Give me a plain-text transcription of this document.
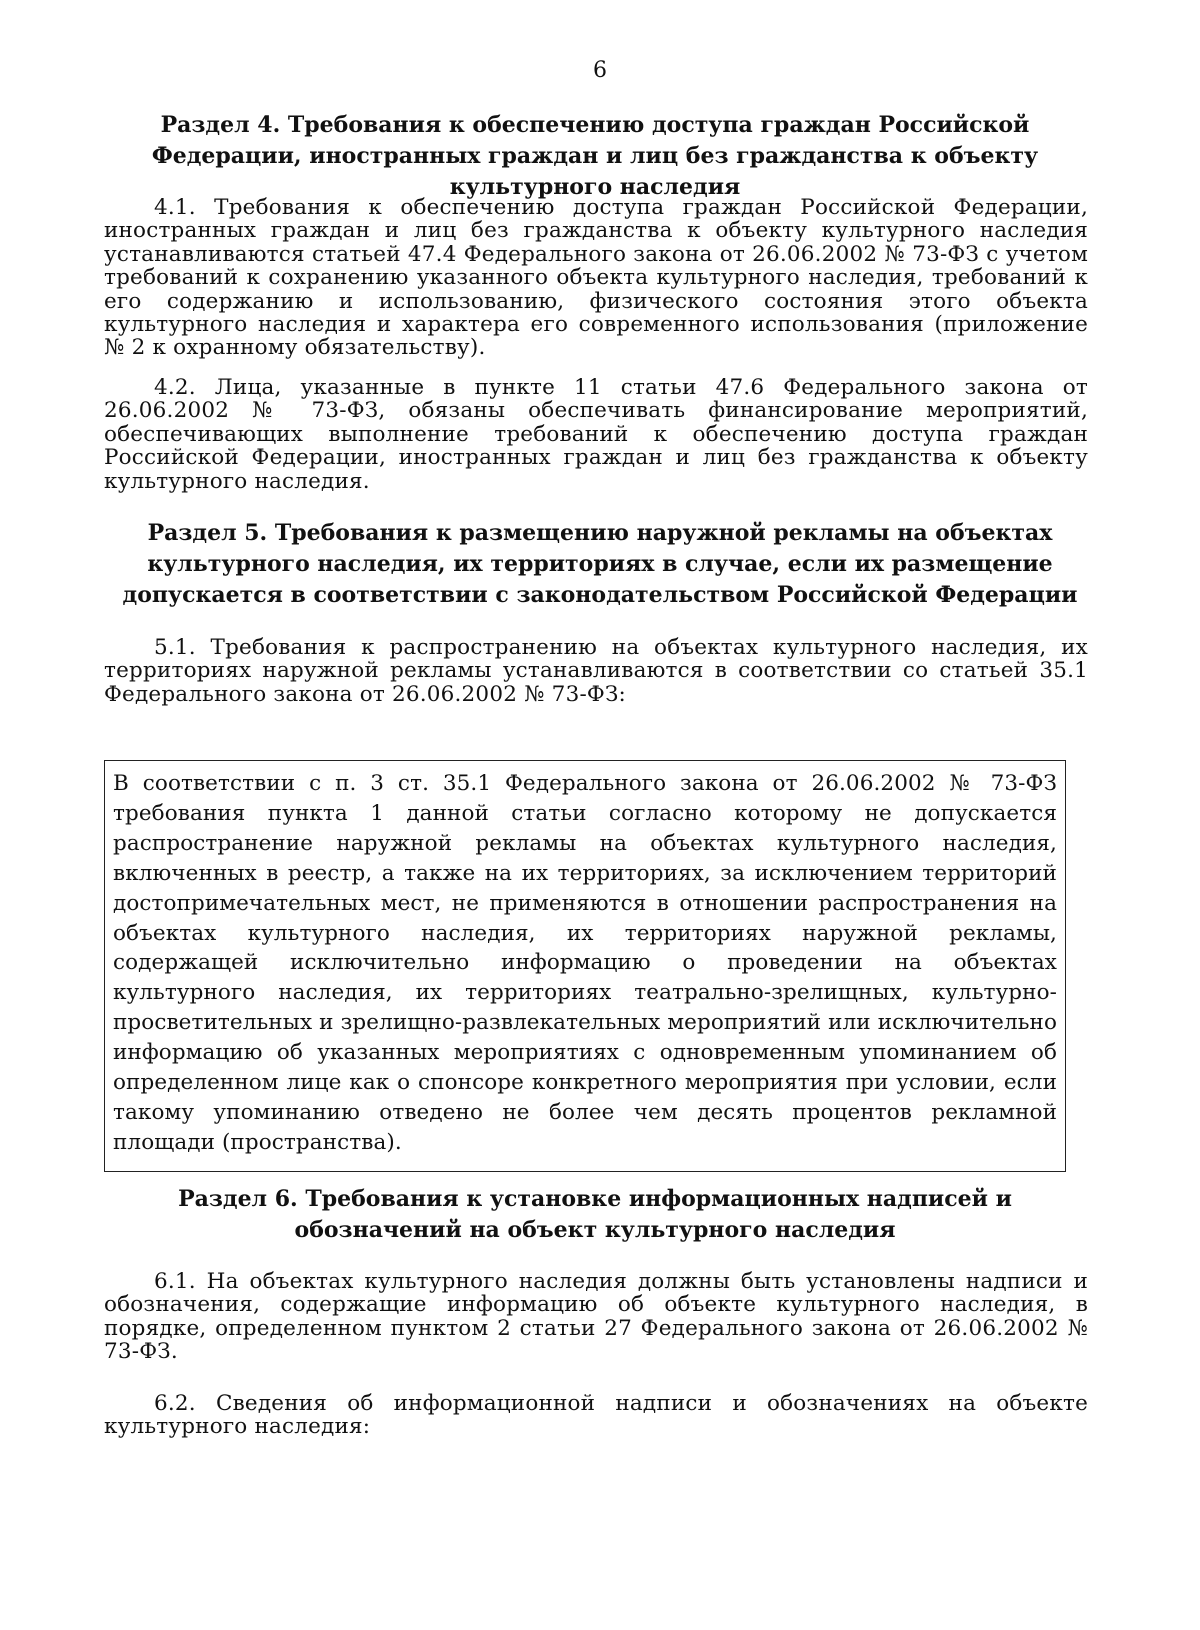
6
Раздел 4. Требования к обеспечению доступа граждан Российской Федерации, иностранных граждан и лиц без гражданства к объекту культурного наследия

4.1. Требования к обеспечению доступа граждан Российской Федерации, иностранных граждан и лиц без гражданства к объекту культурного наследия устанавливаются статьей 47.4 Федерального закона от 26.06.2002 № 73-ФЗ с учетом требований к сохранению указанного объекта культурного наследия, требований к его содержанию и использованию, физического состояния этого объекта культурного наследия и характера его современного использования (приложение № 2 к охранному обязательству).

4.2. Лица, указанные в пункте 11 статьи 47.6 Федерального закона от 26.06.2002 № 73-ФЗ, обязаны обеспечивать финансирование мероприятий, обеспечивающих выполнение требований к обеспечению доступа граждан Российской Федерации, иностранных граждан и лиц без гражданства к объекту культурного наследия.

Раздел 5. Требования к размещению наружной рекламы на объектах культурного наследия, их территориях в случае, если их размещение допускается в соответствии с законодательством Российской Федерации

5.1. Требования к распространению на объектах культурного наследия, их территориях наружной рекламы устанавливаются в соответствии со статьей 35.1 Федерального закона от 26.06.2002 № 73-ФЗ:

В соответствии с п. 3 ст. 35.1 Федерального закона от 26.06.2002 № 73-ФЗ требования пункта 1 данной статьи согласно которому не допускается распространение наружной рекламы на объектах культурного наследия, включенных в реестр, а также на их территориях, за исключением территорий достопримечательных мест, не применяются в отношении распространения на объектах культурного наследия, их территориях наружной рекламы, содержащей исключительно информацию о проведении на объектах культурного наследия, их территориях театрально-зрелищных, культурно-просветительных и зрелищно-развлекательных мероприятий или исключительно информацию об указанных мероприятиях с одновременным упоминанием об определенном лице как о спонсоре конкретного мероприятия при условии, если такому упоминанию отведено не более чем десять процентов рекламной площади (пространства).

Раздел 6. Требования к установке информационных надписей и обозначений на объект культурного наследия

6.1. На объектах культурного наследия должны быть установлены надписи и обозначения, содержащие информацию об объекте культурного наследия, в порядке, определенном пунктом 2 статьи 27 Федерального закона от 26.06.2002 № 73-ФЗ.

6.2. Сведения об информационной надписи и обозначениях на объекте культурного наследия:
